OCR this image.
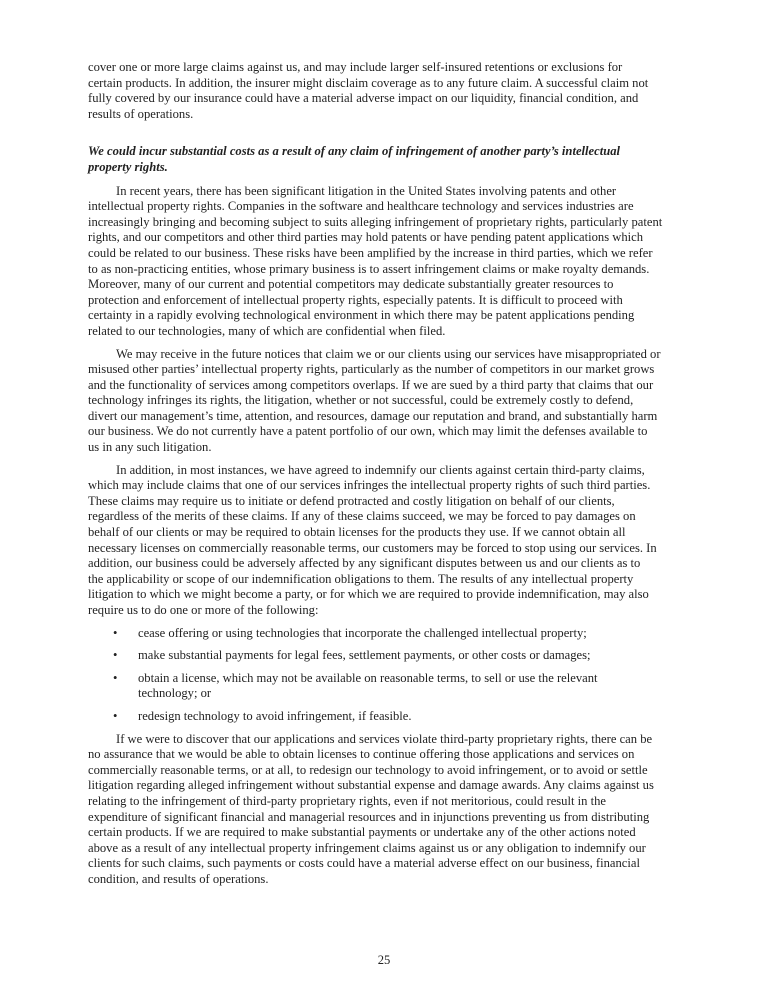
cover one or more large claims against us, and may include larger self-insured retentions or exclusions for
certain products. In addition, the insurer might disclaim coverage as to any future claim. A successful claim not
fully covered by our insurance could have a material adverse impact on our liquidity, financial condition, and
results of operations.
We could incur substantial costs as a result of any claim of infringement of another party’s intellectual
property rights.
In recent years, there has been significant litigation in the United States involving patents and other
intellectual property rights. Companies in the software and healthcare technology and services industries are
increasingly bringing and becoming subject to suits alleging infringement of proprietary rights, particularly patent
rights, and our competitors and other third parties may hold patents or have pending patent applications which
could be related to our business. These risks have been amplified by the increase in third parties, which we refer
to as non-practicing entities, whose primary business is to assert infringement claims or make royalty demands.
Moreover, many of our current and potential competitors may dedicate substantially greater resources to
protection and enforcement of intellectual property rights, especially patents. It is difficult to proceed with
certainty in a rapidly evolving technological environment in which there may be patent applications pending
related to our technologies, many of which are confidential when filed.
We may receive in the future notices that claim we or our clients using our services have misappropriated or
misused other parties’ intellectual property rights, particularly as the number of competitors in our market grows
and the functionality of services among competitors overlaps. If we are sued by a third party that claims that our
technology infringes its rights, the litigation, whether or not successful, could be extremely costly to defend,
divert our management’s time, attention, and resources, damage our reputation and brand, and substantially harm
our business. We do not currently have a patent portfolio of our own, which may limit the defenses available to
us in any such litigation.
In addition, in most instances, we have agreed to indemnify our clients against certain third-party claims,
which may include claims that one of our services infringes the intellectual property rights of such third parties.
These claims may require us to initiate or defend protracted and costly litigation on behalf of our clients,
regardless of the merits of these claims. If any of these claims succeed, we may be forced to pay damages on
behalf of our clients or may be required to obtain licenses for the products they use. If we cannot obtain all
necessary licenses on commercially reasonable terms, our customers may be forced to stop using our services. In
addition, our business could be adversely affected by any significant disputes between us and our clients as to
the applicability or scope of our indemnification obligations to them. The results of any intellectual property
litigation to which we might become a party, or for which we are required to provide indemnification, may also
require us to do one or more of the following:
• cease offering or using technologies that incorporate the challenged intellectual property;
• make substantial payments for legal fees, settlement payments, or other costs or damages;
• obtain a license, which may not be available on reasonable terms, to sell or use the relevant
technology; or
• redesign technology to avoid infringement, if feasible.
If we were to discover that our applications and services violate third-party proprietary rights, there can be
no assurance that we would be able to obtain licenses to continue offering those applications and services on
commercially reasonable terms, or at all, to redesign our technology to avoid infringement, or to avoid or settle
litigation regarding alleged infringement without substantial expense and damage awards. Any claims against us
relating to the infringement of third-party proprietary rights, even if not meritorious, could result in the
expenditure of significant financial and managerial resources and in injunctions preventing us from distributing
certain products. If we are required to make substantial payments or undertake any of the other actions noted
above as a result of any intellectual property infringement claims against us or any obligation to indemnify our
clients for such claims, such payments or costs could have a material adverse effect on our business, financial
condition, and results of operations.
25
